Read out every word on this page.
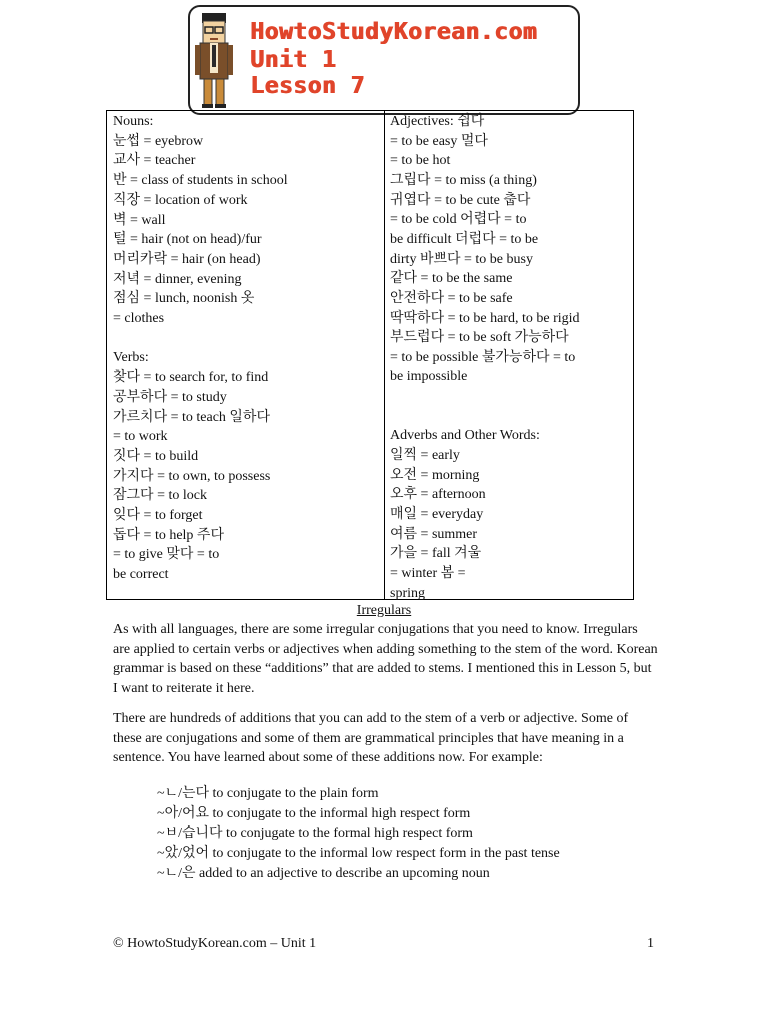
HowtoStudyKorean.com
Unit 1
Lesson 7
Nouns:
눈썹 = eyebrow
교사 = teacher
반 = class of students in school
직장 = location of work
벽 = wall
털 = hair (not on head)/fur
머리카락 = hair (on head)
저녁 = dinner, evening
점심 = lunch, noonish 옷
= clothes
Verbs:
찾다 = to search for, to find
공부하다 = to study
가르치다 = to teach 일하다
= to work
짓다 = to build
가지다 = to own, to possess
잠그다 = to lock
잊다 = to forget
돕다 = to help 주다
= to give 맞다 = to
be correct
Adjectives: 쉽다
= to be easy 멀다
= to be hot
그립다 = to miss (a thing)
귀엽다 = to be cute 춥다
= to be cold 어렵다 = to
be difficult 더럽다 = to be
dirty 바쁘다 = to be busy
같다 = to be the same
안전하다 = to be safe
딱딱하다 = to be hard, to be rigid
부드럽다 = to be soft 가능하다
= to be possible 불가능하다 = to
be impossible
Adverbs and Other Words:
일찍 = early
오전 = morning
오후 = afternoon
매일 = everyday
여름 = summer
가을 = fall 겨울
= winter 봄 =
spring
Irregulars
As with all languages, there are some irregular conjugations that you need to know. Irregulars are applied to certain verbs or adjectives when adding something to the stem of the word. Korean grammar is based on these “additions” that are added to stems. I mentioned this in Lesson 5, but I want to reiterate it here.
There are hundreds of additions that you can add to the stem of a verb or adjective. Some of these are conjugations and some of them are grammatical principles that have meaning in a sentence. You have learned about some of these additions now. For example:
~ㄴ/는다 to conjugate to the plain form
~아/어요 to conjugate to the informal high respect form
~ㅂ/습니다 to conjugate to the formal high respect form
~았/었어 to conjugate to the informal low respect form in the past tense
~ㄴ/은 added to an adjective to describe an upcoming noun
© HowtoStudyKorean.com – Unit 1	1
